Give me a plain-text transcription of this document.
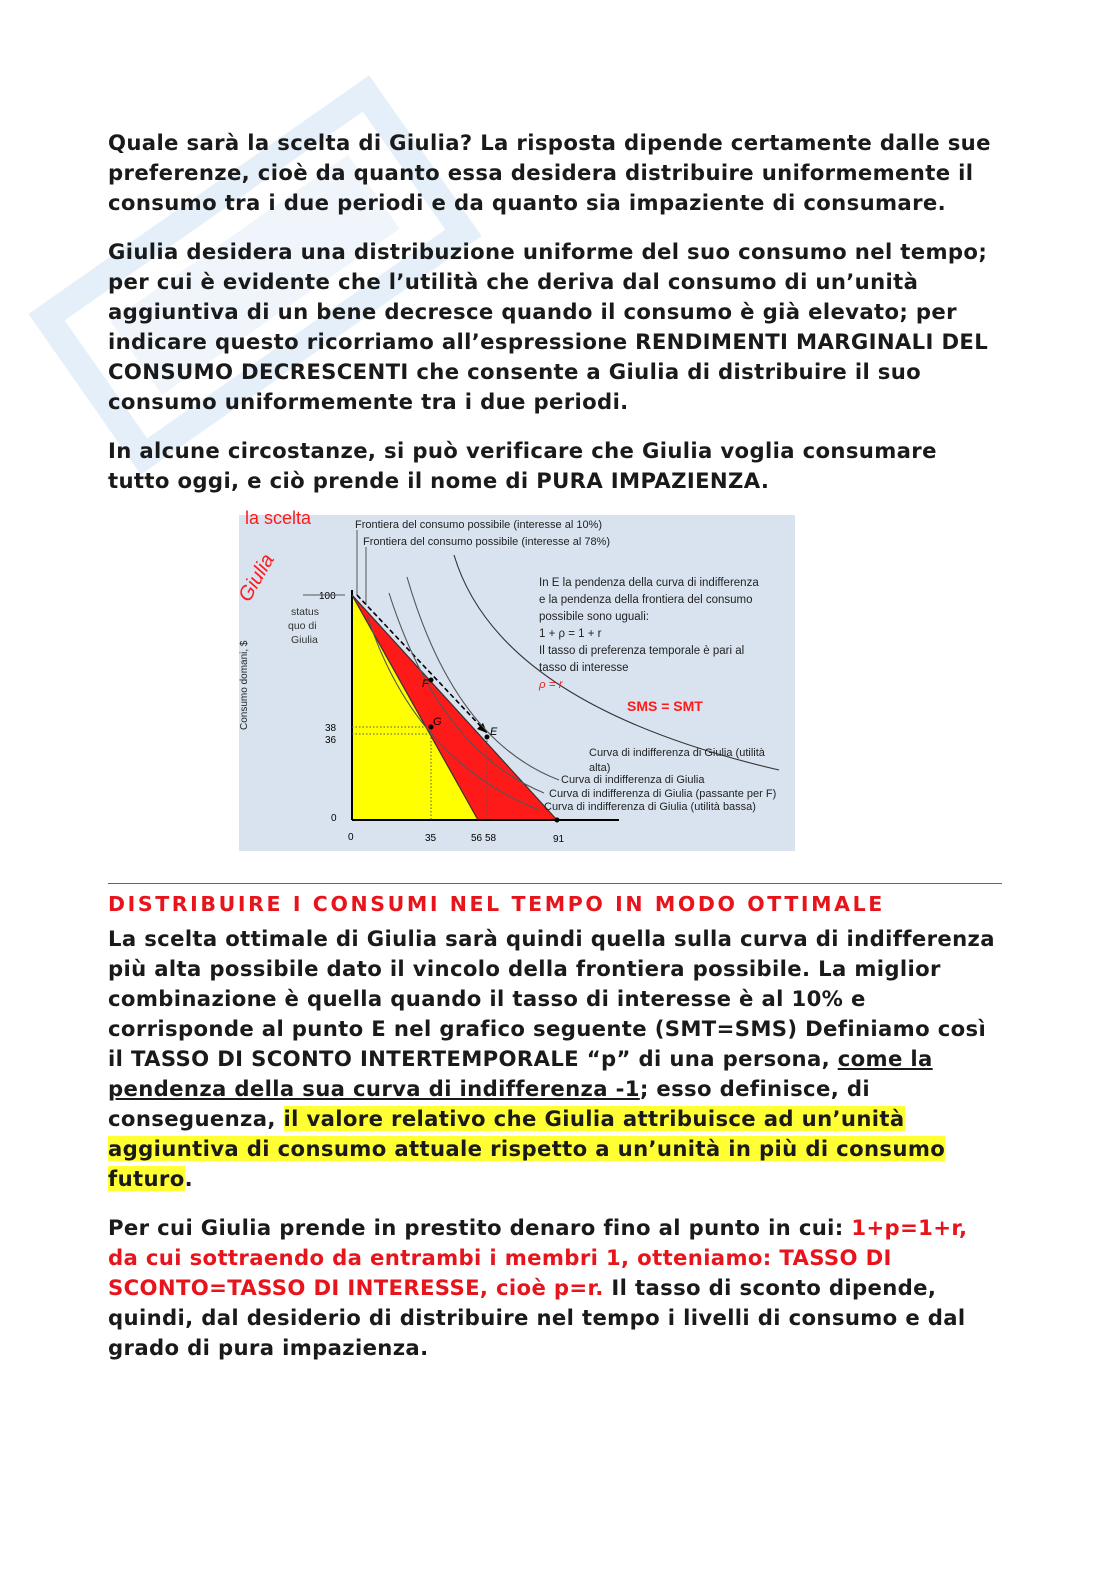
Quale sarà la scelta di Giulia? La risposta dipende certamente dalle sue preferenze, cioè da quanto essa desidera distribuire uniformemente il consumo tra i due periodi e da quanto sia impaziente di consumare.

Giulia desidera una distribuzione uniforme del suo consumo nel tempo; per cui è evidente che l’utilità che deriva dal consumo di un’unità aggiuntiva di un bene decresce quando il consumo è già elevato; per indicare questo ricorriamo all’espressione RENDIMENTI MARGINALI DEL CONSUMO DECRESCENTI che consente a Giulia di distribuire il suo consumo uniformemente tra i due periodi.

In alcune circostanze, si può verificare che Giulia voglia consumare tutto oggi, e ciò prende il nome di PURA IMPAZIENZA.

F
G
E
la scelta
Giulia
Frontiera del consumo possibile (interesse al 10%)
Frontiera del consumo possibile (interesse al 78%)
status
quo di
Giulia
Consumo domani, $
100
38
36
0
0	35	56 58	91
In E la pendenza della curva di indifferenza
e la pendenza della frontiera del consumo
possibile sono uguali:
1 + ρ = 1 + r
Il tasso di preferenza temporale è pari al
tasso di interesse
ρ = r
SMS = SMT
Curva di indifferenza di Giulia (utilità
alta)
Curva di indifferenza di Giulia
Curva di indifferenza di Giulia (passante per F)
Curva di indifferenza di Giulia (utilità bassa)
DISTRIBUIRE I CONSUMI NEL TEMPO IN MODO OTTIMALE

La scelta ottimale di Giulia sarà quindi quella sulla curva di indifferenza più alta possibile dato il vincolo della frontiera possibile. La miglior combinazione è quella quando il tasso di interesse è al 10% e corrisponde al punto E nel grafico seguente (SMT=SMS) Definiamo così il TASSO DI SCONTO INTERTEMPORALE “p” di una persona, come la pendenza della sua curva di indifferenza -1; esso definisce, di conseguenza, il valore relativo che Giulia attribuisce ad un’unità aggiuntiva di consumo attuale rispetto a un’unità in più di consumo futuro.

Per cui Giulia prende in prestito denaro fino al punto in cui: 1+p=1+r, da cui sottraendo da entrambi i membri 1, otteniamo: TASSO DI SCONTO=TASSO DI INTERESSE, cioè p=r. Il tasso di sconto dipende, quindi, dal desiderio di distribuire nel tempo i livelli di consumo e dal grado di pura impazienza.
